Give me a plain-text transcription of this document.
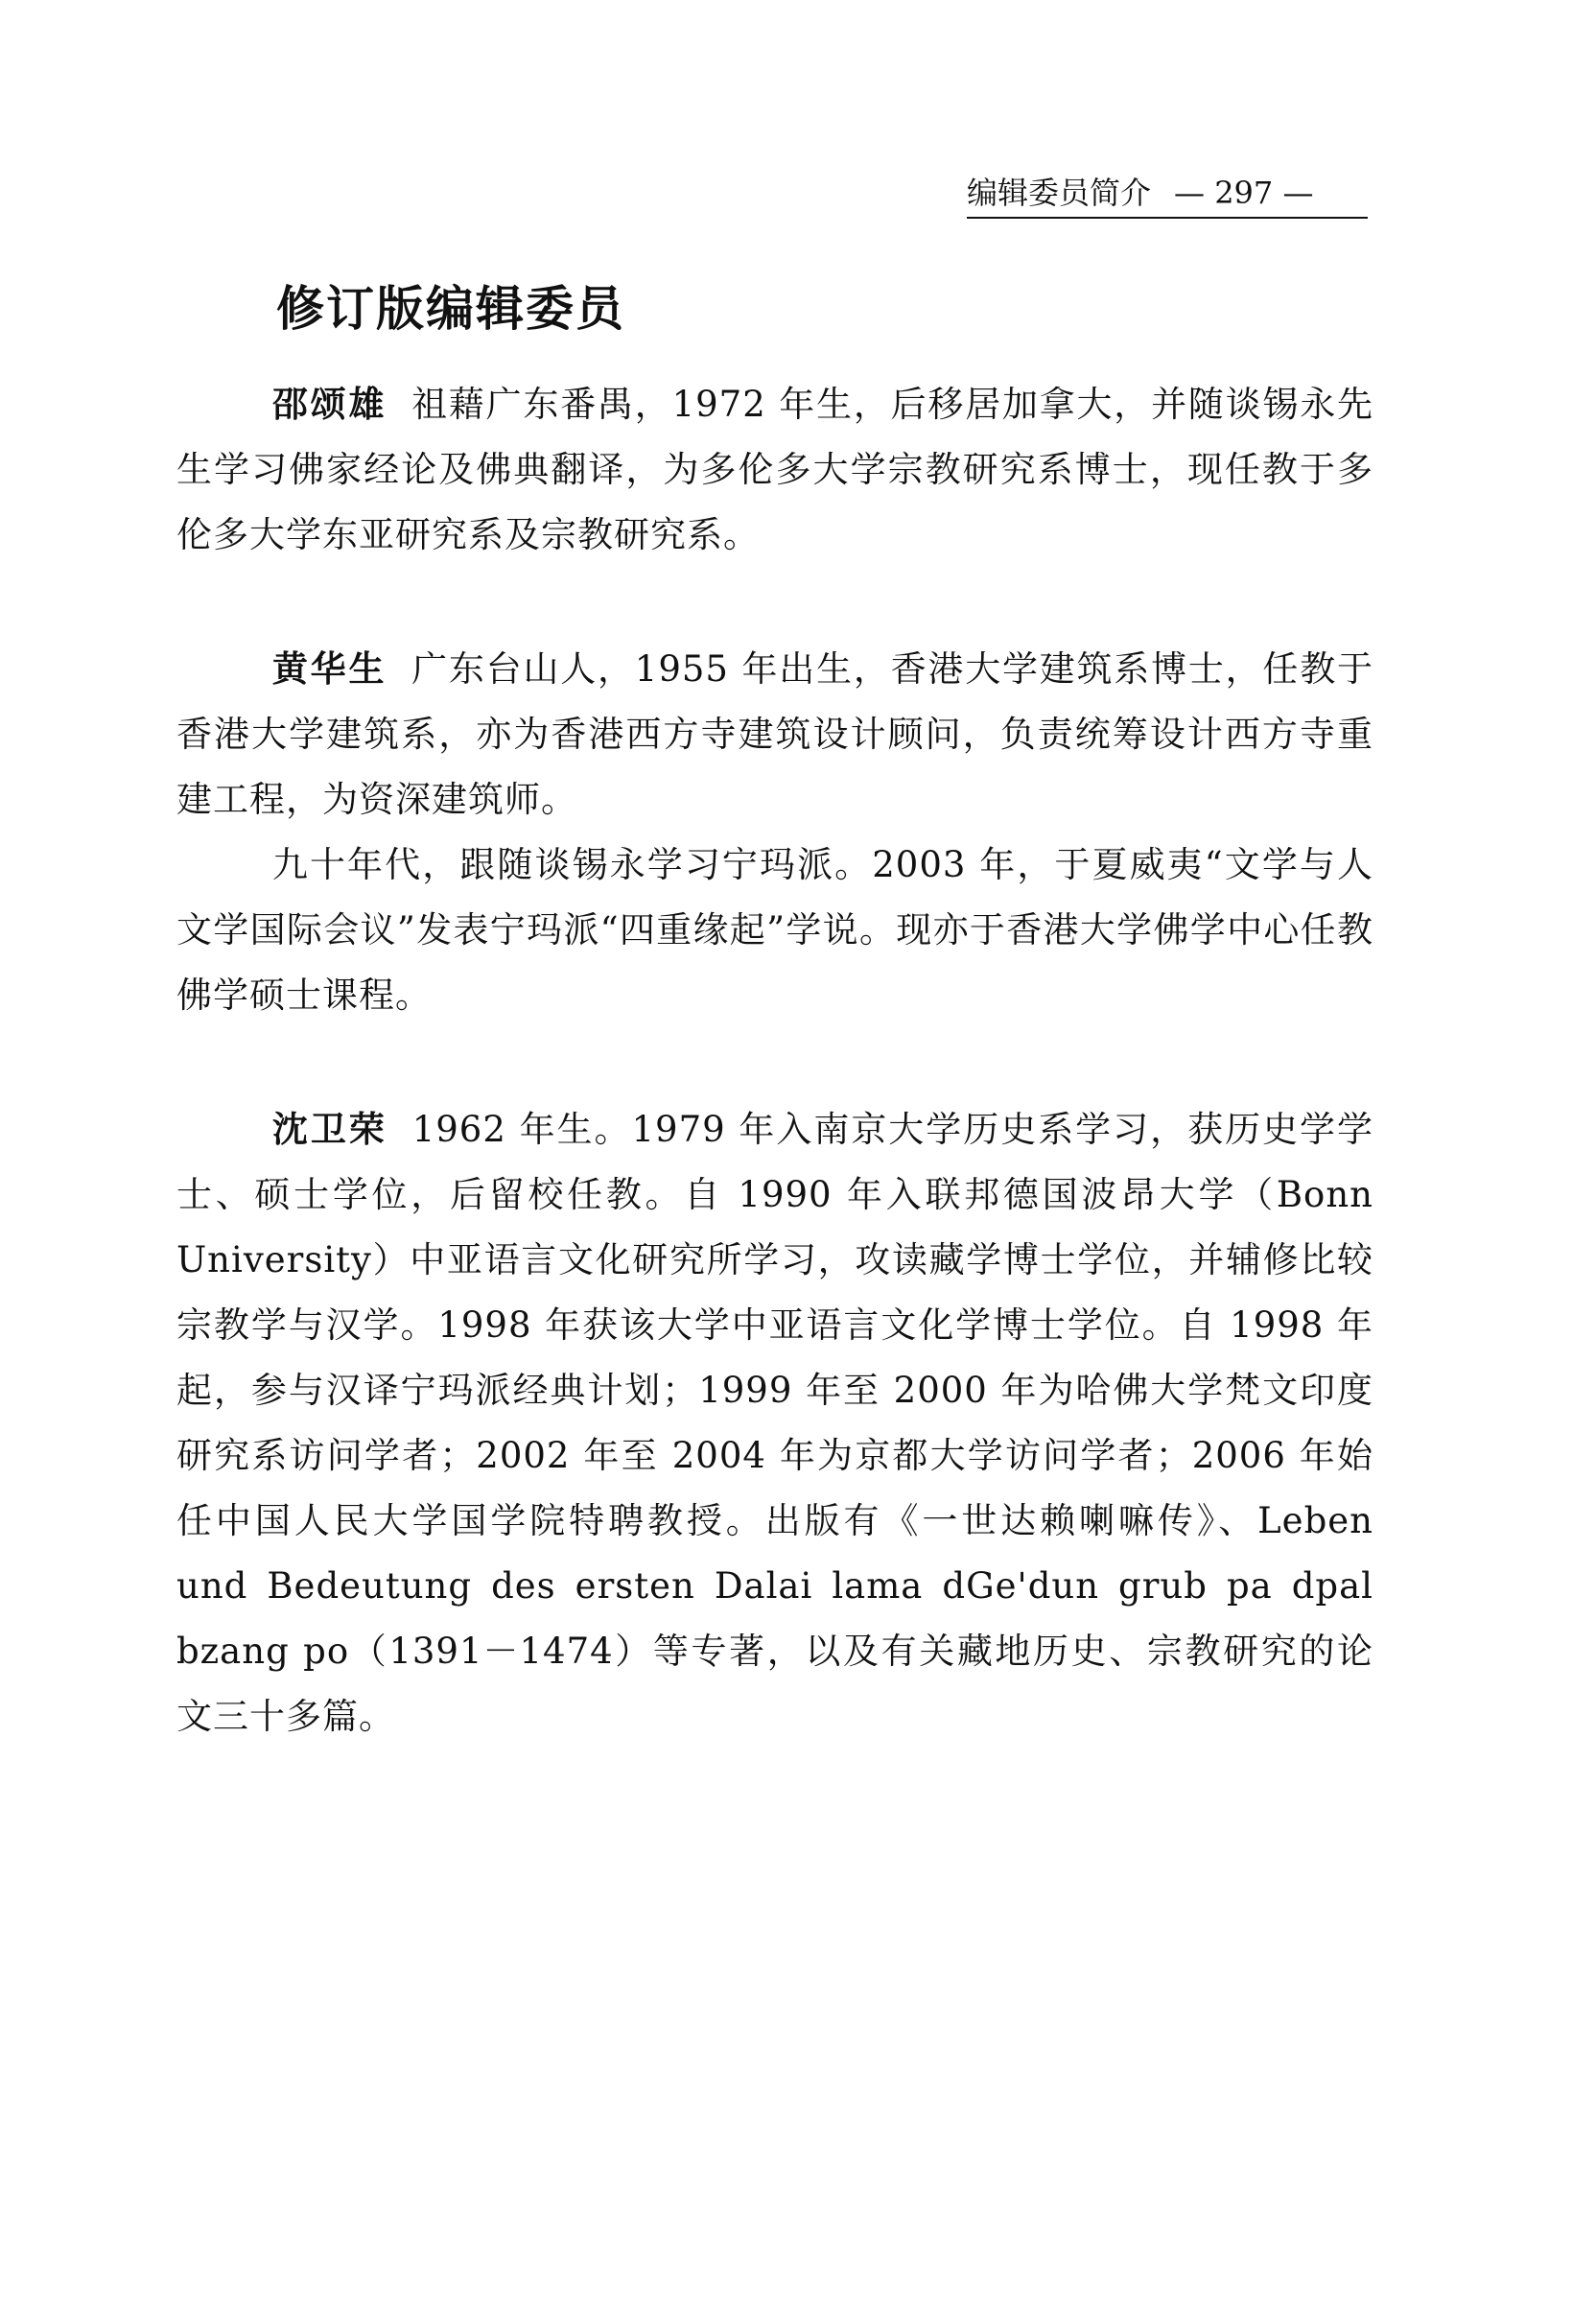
编辑委员简介 — 297 —
修订版编辑委员

邵颂雄 祖藉广东番禺，1972 年生，后移居加拿大，并随谈锡永先生学习佛家经论及佛典翻译，为多伦多大学宗教研究系博士，现任教于多伦多大学东亚研究系及宗教研究系。

黄华生 广东台山人，1955 年出生，香港大学建筑系博士，任教于香港大学建筑系，亦为香港西方寺建筑设计顾问，负责统筹设计西方寺重建工程，为资深建筑师。

九十年代，跟随谈锡永学习宁玛派。2003 年，于夏威夷“文学与人文学国际会议”发表宁玛派“四重缘起”学说。现亦于香港大学佛学中心任教佛学硕士课程。

沈卫荣 1962 年生。1979 年入南京大学历史系学习，获历史学学士、硕士学位，后留校任教。自 1990 年入联邦德国波昂大学（Bonn University）中亚语言文化研究所学习，攻读藏学博士学位，并辅修比较宗教学与汉学。1998 年获该大学中亚语言文化学博士学位。自 1998 年起，参与汉译宁玛派经典计划；1999 年至 2000 年为哈佛大学梵文印度研究系访问学者；2002 年至 2004 年为京都大学访问学者；2006 年始任中国人民大学国学院特聘教授。出版有《一世达赖喇嘛传》、Leben und Bedeutung des ersten Dalai lama dGe'dun grub pa dpal bzang po（1391－1474）等专著，以及有关藏地历史、宗教研究的论文三十多篇。
